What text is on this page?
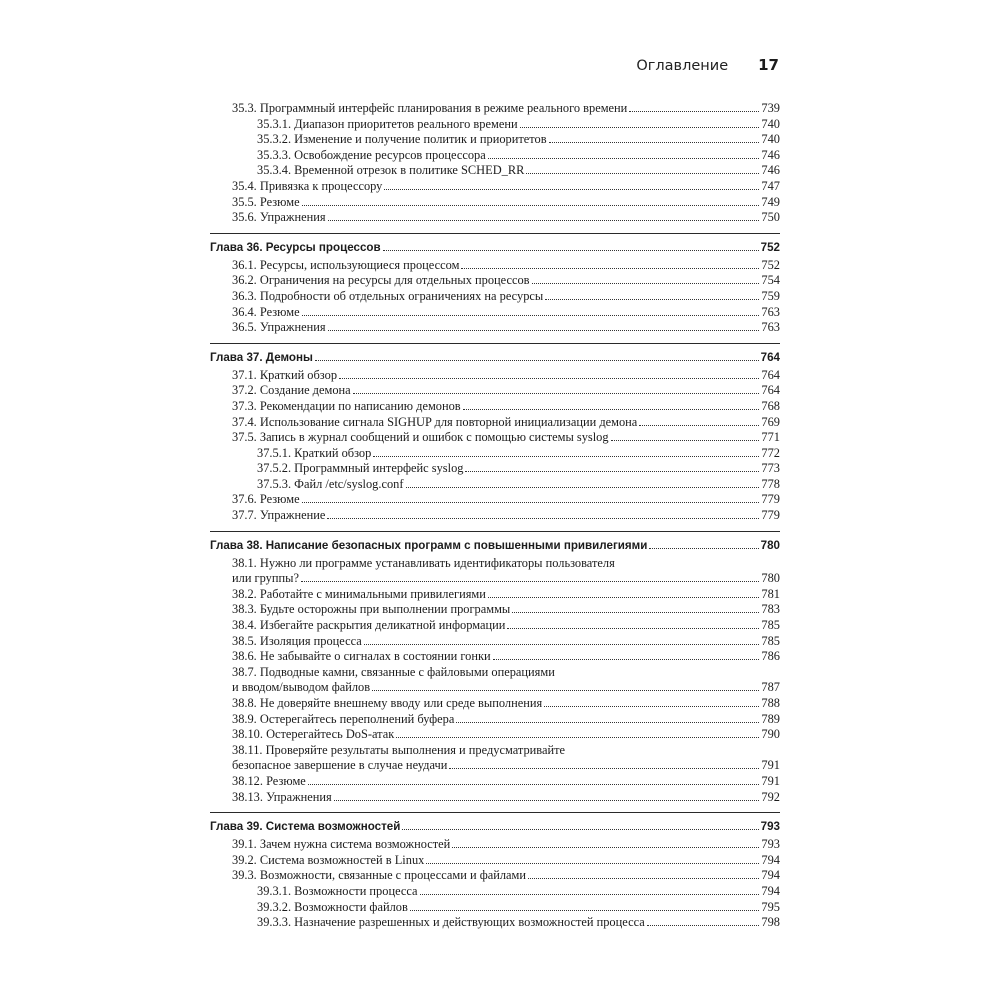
Оглавление 17
35.3. Программный интерфейс планирования в режиме реального времени	739
35.3.1. Диапазон приоритетов реального времени	740
35.3.2. Изменение и получение политик и приоритетов	740
35.3.3. Освобождение ресурсов процессора	746
35.3.4. Временной отрезок в политике SCHED_RR	746
35.4. Привязка к процессору	747
35.5. Резюме	749
35.6. Упражнения	750
Глава 36. Ресурсы процессов	752
36.1. Ресурсы, использующиеся процессом	752
36.2. Ограничения на ресурсы для отдельных процессов	754
36.3. Подробности об отдельных ограничениях на ресурсы	759
36.4. Резюме	763
36.5. Упражнения	763
Глава 37. Демоны	764
37.1. Краткий обзор	764
37.2. Создание демона	764
37.3. Рекомендации по написанию демонов	768
37.4. Использование сигнала SIGHUP для повторной инициализации демона	769
37.5. Запись в журнал сообщений и ошибок с помощью системы syslog	771
37.5.1. Краткий обзор	772
37.5.2. Программный интерфейс syslog	773
37.5.3. Файл /etc/syslog.conf	778
37.6. Резюме	779
37.7. Упражнение	779
Глава 38. Написание безопасных программ с повышенными привилегиями	780
38.1. Нужно ли программе устанавливать идентификаторы пользователя
или группы?	780
38.2. Работайте с минимальными привилегиями	781
38.3. Будьте осторожны при выполнении программы	783
38.4. Избегайте раскрытия деликатной информации	785
38.5. Изоляция процесса	785
38.6. Не забывайте о сигналах в состоянии гонки	786
38.7. Подводные камни, связанные с файловыми операциями
и вводом/выводом файлов	787
38.8. Не доверяйте внешнему вводу или среде выполнения	788
38.9. Остерегайтесь переполнений буфера	789
38.10. Остерегайтесь DoS-атак	790
38.11. Проверяйте результаты выполнения и предусматривайте
безопасное завершение в случае неудачи	791
38.12. Резюме	791
38.13. Упражнения	792
Глава 39. Система возможностей	793
39.1. Зачем нужна система возможностей	793
39.2. Система возможностей в Linux	794
39.3. Возможности, связанные с процессами и файлами	794
39.3.1. Возможности процесса	794
39.3.2. Возможности файлов	795
39.3.3. Назначение разрешенных и действующих возможностей процесса	798
